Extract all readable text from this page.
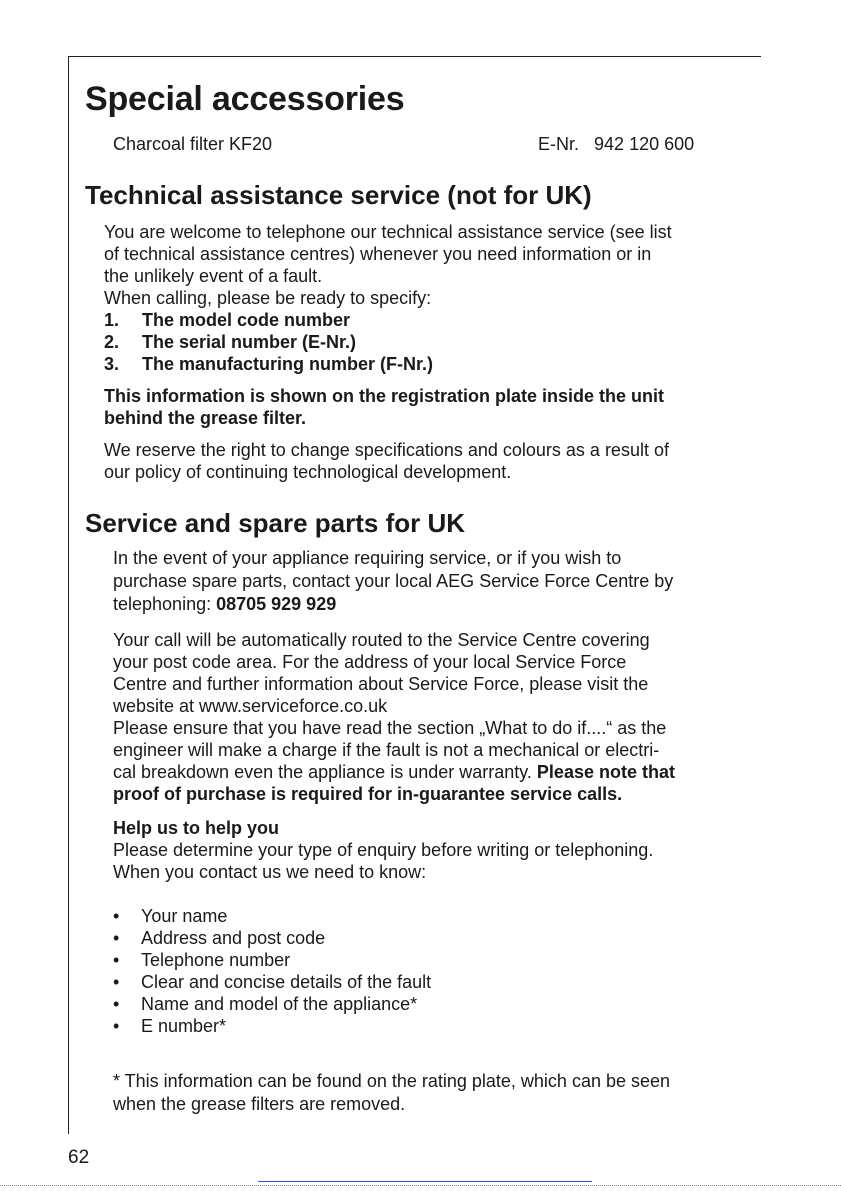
Special accessories

Charcoal filter KF20	E-Nr. 942 120 600

Technical assistance service (not for UK)
You are welcome to telephone our technical assistance service (see list
of technical assistance centres) whenever you need information or in
the unlikely event of a fault.
When calling, please be ready to specify:
1. The model code number
2. The serial number (E-Nr.)
3. The manufacturing number (F-Nr.)
This information is shown on the registration plate inside the unit
behind the grease filter.
We reserve the right to change specifications and colours as a result of
our policy of continuing technological development.
Service and spare parts for UK
In the event of your appliance requiring service, or if you wish to
purchase spare parts, contact your local AEG Service Force Centre by
telephoning: 08705 929 929
Your call will be automatically routed to the Service Centre covering
your post code area. For the address of your local Service Force
Centre and further information about Service Force, please visit the
website at www.serviceforce.co.uk
Please ensure that you have read the section „What to do if....“ as the
engineer will make a charge if the fault is not a mechanical or electri-
cal breakdown even the appliance is under warranty. Please note that
proof of purchase is required for in-guarantee service calls.
Help us to help you
Please determine your type of enquiry before writing or telephoning.
When you contact us we need to know:
• Your name
• Address and post code
• Telephone number
• Clear and concise details of the fault
• Name and model of the appliance*
• E number*
* This information can be found on the rating plate, which can be seen
when the grease filters are removed.
62
